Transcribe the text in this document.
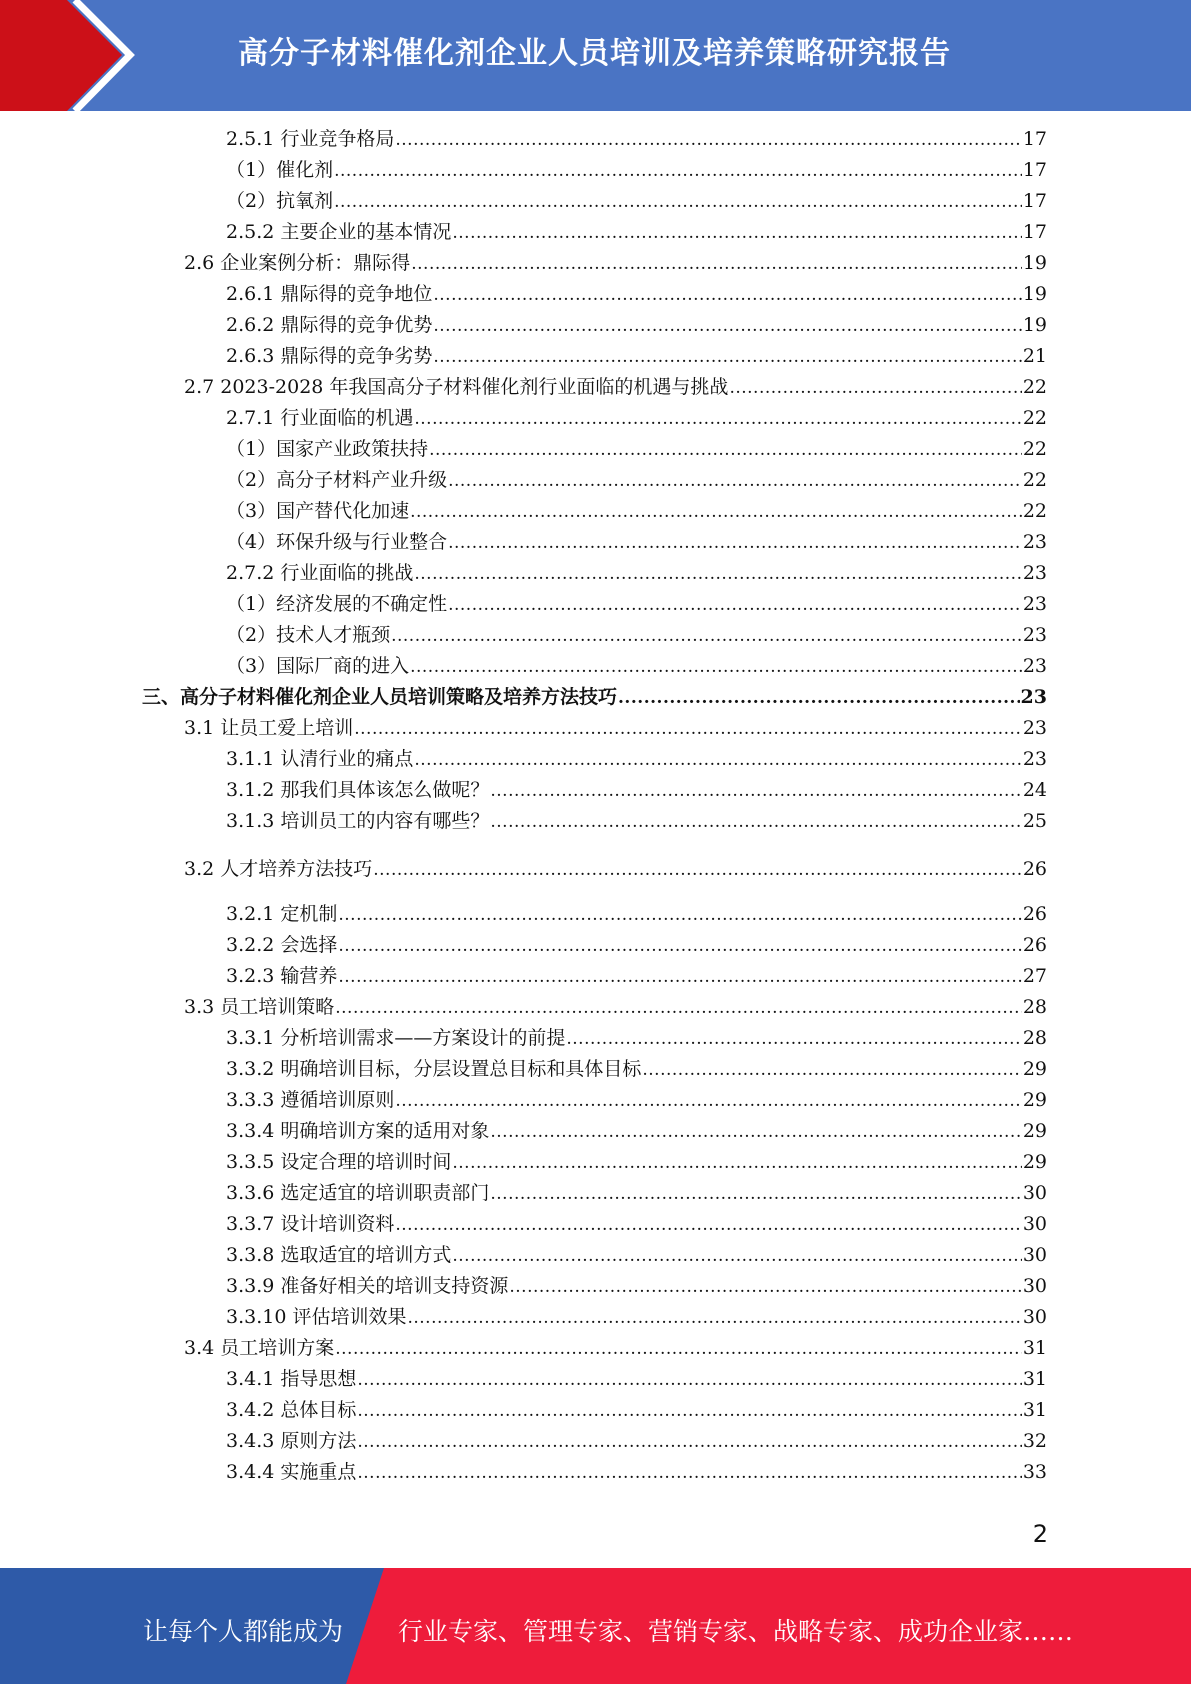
高分子材料催化剂企业人员培训及培养策略研究报告
2.5.1 行业竞争格局 .....	17
（1）催化剂 .....	17
（2）抗氧剂 .....	17
2.5.2 主要企业的基本情况 .....	17
2.6 企业案例分析：鼎际得 .....	19
2.6.1 鼎际得的竞争地位 .....	19
2.6.2 鼎际得的竞争优势 .....	19
2.6.3 鼎际得的竞争劣势 .....	21
2.7 2023-2028 年我国高分子材料催化剂行业面临的机遇与挑战 .....	22
2.7.1 行业面临的机遇 .....	22
（1）国家产业政策扶持 .....	22
（2）高分子材料产业升级 .....	22
（3）国产替代化加速 .....	22
（4）环保升级与行业整合 .....	23
2.7.2 行业面临的挑战 .....	23
（1）经济发展的不确定性 .....	23
（2）技术人才瓶颈 .....	23
（3）国际厂商的进入 .....	23
三、高分子材料催化剂企业人员培训策略及培养方法技巧 .....	23
3.1 让员工爱上培训 .....	23
3.1.1 认清行业的痛点 .....	23
3.1.2 那我们具体该怎么做呢？ .....	24
3.1.3 培训员工的内容有哪些？ .....	25
3.2 人才培养方法技巧 .....	26
3.2.1 定机制 .....	26
3.2.2 会选择 .....	26
3.2.3 输营养 .....	27
3.3 员工培训策略 .....	28
3.3.1 分析培训需求——方案设计的前提 .....	28
3.3.2 明确培训目标，分层设置总目标和具体目标 .....	29
3.3.3 遵循培训原则 .....	29
3.3.4 明确培训方案的适用对象 .....	29
3.3.5 设定合理的培训时间 .....	29
3.3.6 选定适宜的培训职责部门 .....	30
3.3.7 设计培训资料 .....	30
3.3.8 选取适宜的培训方式 .....	30
3.3.9 准备好相关的培训支持资源 .....	30
3.3.10 评估培训效果 .....	30
3.4 员工培训方案 .....	31
3.4.1 指导思想 .....	31
3.4.2 总体目标 .....	31
3.4.3 原则方法 .....	32
3.4.4 实施重点 .....	33
2
让每个人都能成为 行业专家、管理专家、营销专家、战略专家、成功企业家……
